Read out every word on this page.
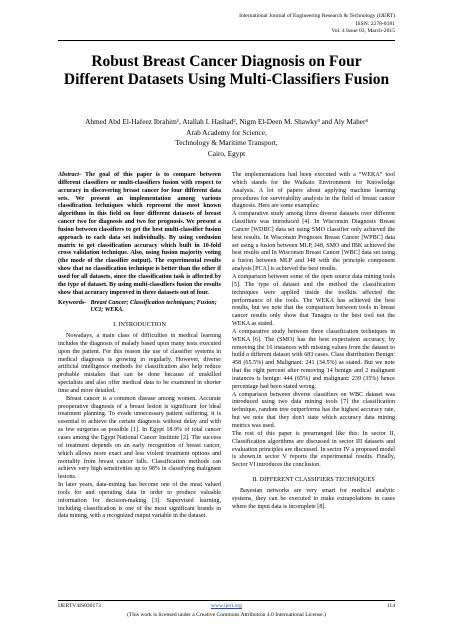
International Journal of Engineering Research & Technology (IJERT)
ISSN: 2278-0181
Vol. 4 Issue 03, March-2015
Robust Breast Cancer Diagnosis on Four
Different Datasets Using Multi-Classifiers Fusion
Ahmed Abd El-Hafeez Ibrahim¹, Atallah I. Hashad², Nigm El-Deen M. Shawky³ and Aly Maher⁴
Arab Academy for Science,
Technology & Maritime Transport,
Cairo, Egypt

Abstract- The goal of this paper is to compare between different classifiers or multi-classifiers fusion with respect to accuracy in discovering breast cancer for four different data sets. We present an implementation among various classification techniques which represent the most known algorithms in this field on four different datasets of breast cancer two for diagnosis and two for prognosis. We present a fusion between classifiers to get the best multi-classifier fusion approach to each data set individually. By using confusion matrix to get classification accuracy which built in 10-fold cross validation technique. Also, using fusion majority voting (the mode of the classifier output). The experimental results show that no classification technique is better than the other if used for all datasets, since the classification task is affected by the type of dataset. By using multi-classifiers fusion the results show that accuracy improved in three datasets out of four.

Keywords- Breast Cancer; Classification techniques; Fusion; UCI; WEKA.

I. INTRODUCTION

Nowadays, a main class of difficulties in medical learning includes the diagnosis of malady based upon many tests executed upon the patient. For this reason the use of classifier systems in medical diagnosis is growing in regularly. However, diverse artificial intelligence methods for classification also help reduce probable mistakes that can be done because of unskilled specialists and also offer medical data to be examined in shorter time and more detailed.

Breast cancer is a common disease among women. Accurate preoperative diagnosis of a breast lesion is significant for ideal treatment planning. To evade unnecessary patient suffering, it is essential to achieve the certain diagnosis without delay and with as few surgeries as possible [1]. In Egypt 18.9% of total cancer cases among the Egypt National Cancer Institute [2]. The success of treatment depends on an early recognition of breast cancer, which allows more exact and less violent treatment options and mortality from breast cancer falls. Classification methods can achieve very high sensitivities up to 98% in classifying malignant lesions.

In later years, data-mining has become one of the most valued tools for and operating data in order to produce valuable information for decision-making [3]. Supervised learning, including classification is one of the most significant brands in data mining, with a recognized output variable in the dataset.

The implementations had been executed with a “WEKA” tool which stands for the Waikato Environment for Knowledge Analysis. A lot of papers about applying machine learning procedures for survivability analysis in the field of breast cancer diagnosis. Here are some examples:

A comparative study among three diverse datasets over different classifiers was introduced [4]. In Wisconsin Diagnosis Breast Cancer [WDBC] data set using SMO classifier only achieved the best results. In Wisconsin Prognosis Breast Cancer [WPBC] data set using a fusion between MLP, J48, SMO and IBK achieved the best results and In Wisconsin Breast Cancer [WBC] data set using a fusion between MLP and J48 with the principle component analysis [PCA] is achieved the best results.

A comparison between some of the open source data mining tools [5]. The type of dataset and the method the classification techniques were applied inside the toolkits affected the performance of the tools. The WEKA has achieved the best results, but we note that the comparison between tools in breast cancer results only show that Tanagra is the best tool not the WEKA as stated.

A comparative study between three classification techniques in WEKA [6]. The (SMO) has the best expectation accuracy, by removing the 16 instances with missing values from the dataset to build a different dataset with 683 cases. Class distribution Benign: 458 (65.5%) and Malignant: 241 (34.5%) as stated. But we note that the right percent after removing 14 benign and 2 malignant instances is benign: 444 (65%) and malignant: 239 (35%) hence percentage had been stated wrong.

A comparison between diverse classifiers on WBC dataset was introduced using two data mining tools [7] the classification technique, random tree outperforms has the highest accuracy rate, but we note that they don't state which accuracy data mining metrics was used.

The rest of this paper is prearranged like this: In sector II, Classification algorithms are discussed in sector III datasets and evaluation principles are discussed. In sector IV a proposed model is shown.in sector V reports the experimental results. Finally, Sector VI introduces the conclusion.

II. DIFFERENT CLASSIFIERS TECHNIQUES

Bayesian networks are very smart for medical analytic systems, they can be executed to make extrapolations in cases where the input data is incomplete [8].

IJERTV4IS030173	www.ijert.org	114
(This work is licensed under a Creative Commons Attribution 4.0 International License.)
